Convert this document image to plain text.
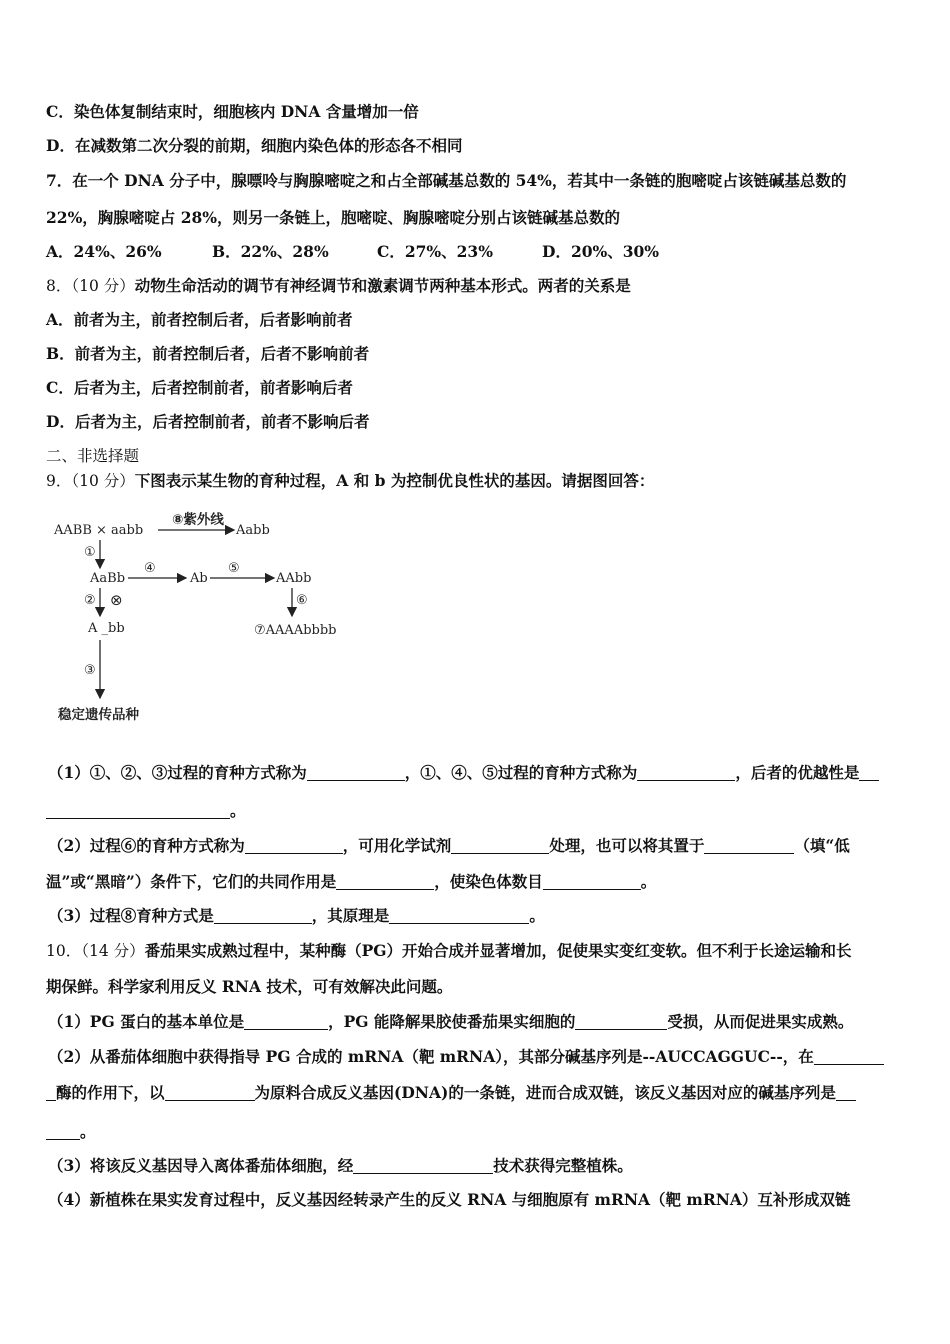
C．染色体复制结束时，细胞核内 DNA 含量增加一倍
D．在减数第二次分裂的前期，细胞内染色体的形态各不相同
7．在一个 DNA 分子中，腺嘌呤与胸腺嘧啶之和占全部碱基总数的 54%，若其中一条链的胞嘧啶占该链碱基总数的
22%，胸腺嘧啶占 28%，则另一条链上，胞嘧啶、胸腺嘧啶分别占该链碱基总数的
A．24%、26%	B．22%、28%	C．27%、23%	D．20%、30%
8．（10 分）动物生命活动的调节有神经调节和激素调节两种基本形式。两者的关系是
A．前者为主，前者控制后者，后者影响前者
B．前者为主，前者控制后者，后者不影响前者
C．后者为主，后者控制前者，前者影响后者
D．后者为主，后者控制前者，前者不影响后者
二、非选择题
9．（10 分）下图表示某生物的育种过程，A 和 b 为控制优良性状的基因。请据图回答：
AABB × aabb
⑧紫外线
Aabb
①
AaBb
④
Ab
⑤
AAbb
② ⊗	⑥
A _bb	⑦AAAAbbbb
③
稳定遗传品种
（1）①、②、③过程的育种方式称为	，①、④、⑤过程的育种方式称为	，后者的优越性是
。
（2）过程⑥的育种方式称为	，可用化学试剂	处理，也可以将其置于	（填“低
温”或“黑暗”）条件下，它们的共同作用是	，使染色体数目	。
（3）过程⑧育种方式是	，其原理是	。
10．（14 分）番茄果实成熟过程中，某种酶（PG）开始合成并显著增加，促使果实变红变软。但不利于长途运输和长
期保鲜。科学家利用反义 RNA 技术，可有效解决此问题。
（1）PG 蛋白的基本单位是	，PG 能降解果胶使番茄果实细胞的	受损，从而促进果实成熟。
（2）从番茄体细胞中获得指导 PG 合成的 mRNA（靶 mRNA），其部分碱基序列是--AUCCAGGUC--，在
酶的作用下，以	为原料合成反义基因(DNA)的一条链，进而合成双链，该反义基因对应的碱基序列是
。
（3）将该反义基因导入离体番茄体细胞，经	技术获得完整植株。
（4）新植株在果实发育过程中，反义基因经转录产生的反义 RNA 与细胞原有 mRNA（靶 mRNA）互补形成双链
